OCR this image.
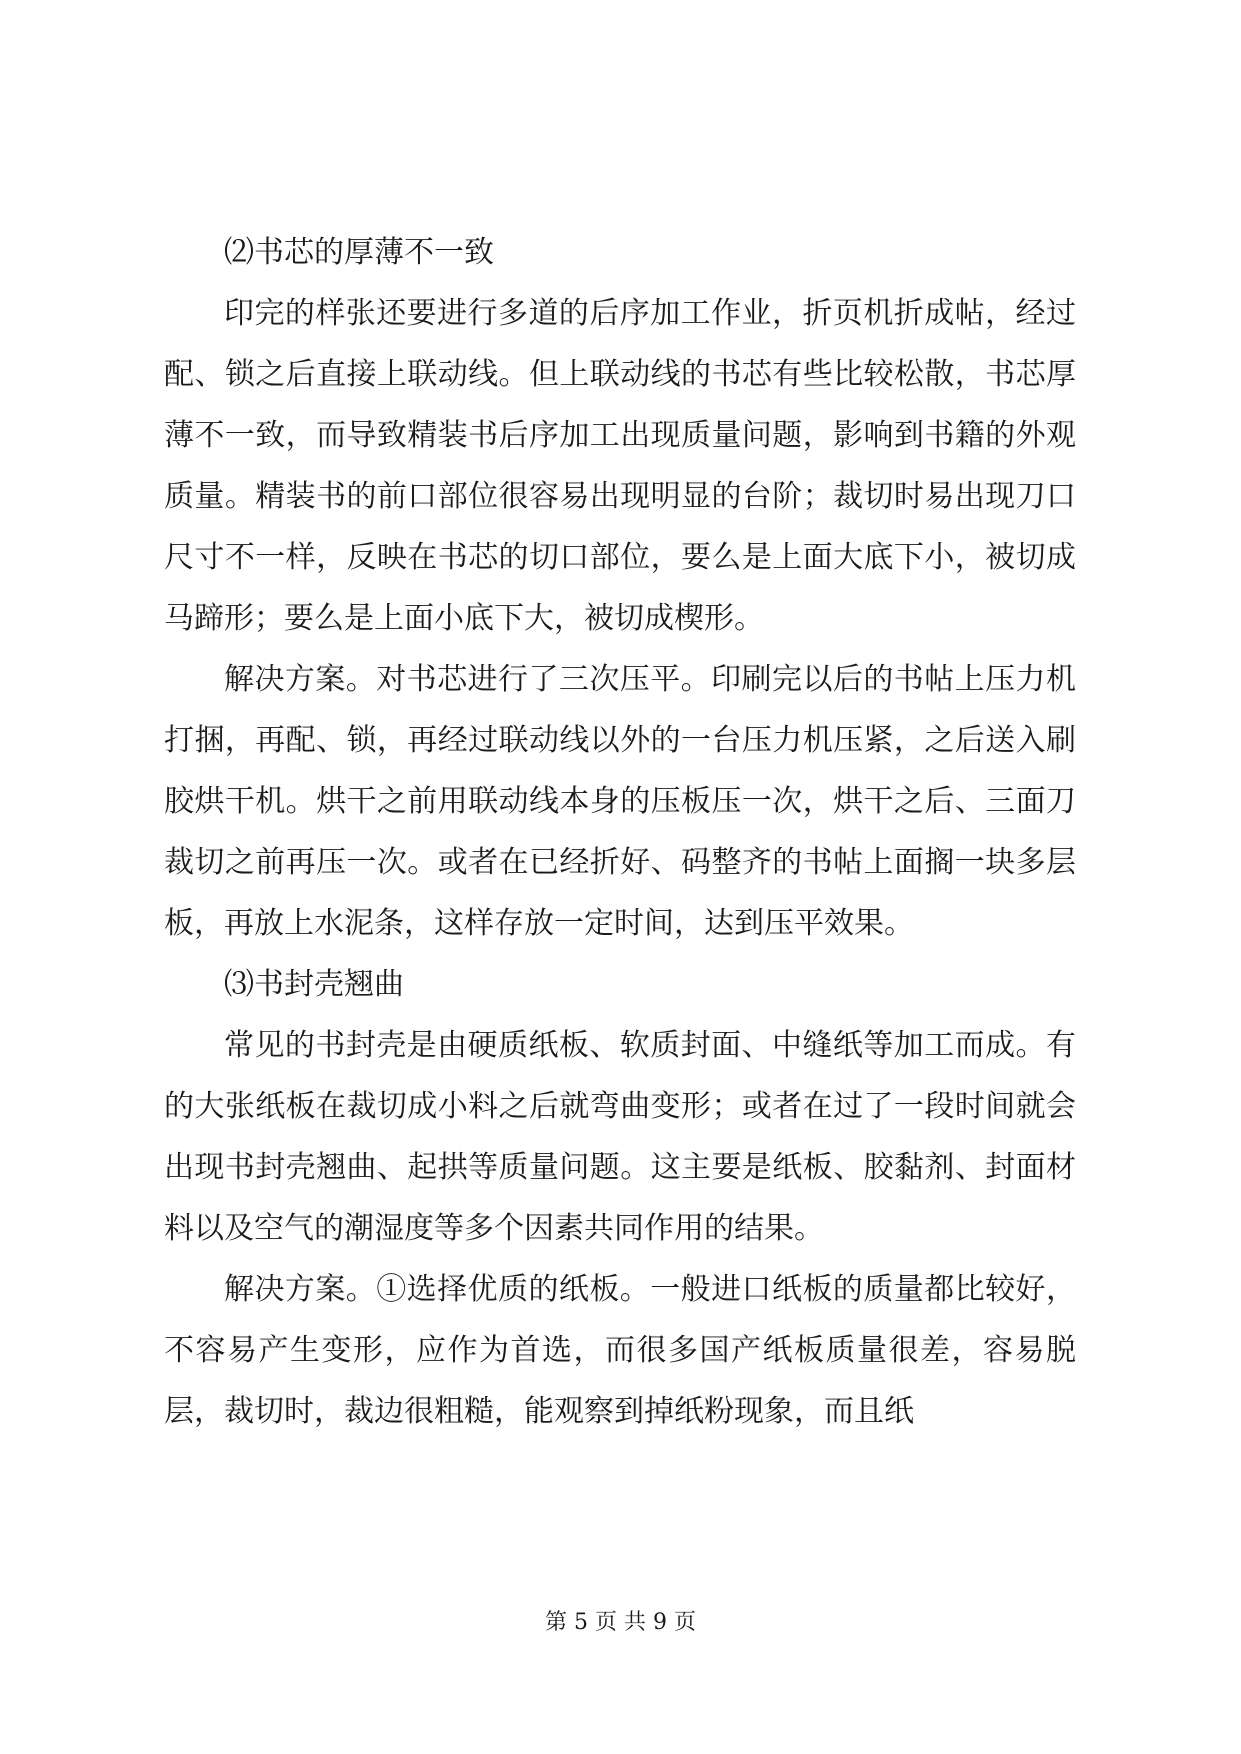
⑵书芯的厚薄不一致

印完的样张还要进行多道的后序加工作业，折页机折成帖，经过配、锁之后直接上联动线。但上联动线的书芯有些比较松散，书芯厚薄不一致，而导致精装书后序加工出现质量问题，影响到书籍的外观质量。精装书的前口部位很容易出现明显的台阶；裁切时易出现刀口尺寸不一样，反映在书芯的切口部位，要么是上面大底下小，被切成马蹄形；要么是上面小底下大，被切成楔形。

解决方案。对书芯进行了三次压平。印刷完以后的书帖上压力机打捆，再配、锁，再经过联动线以外的一台压力机压紧，之后送入刷胶烘干机。烘干之前用联动线本身的压板压一次，烘干之后、三面刀裁切之前再压一次。或者在已经折好、码整齐的书帖上面搁一块多层板，再放上水泥条，这样存放一定时间，达到压平效果。

⑶书封壳翘曲

常见的书封壳是由硬质纸板、软质封面、中缝纸等加工而成。有的大张纸板在裁切成小料之后就弯曲变形；或者在过了一段时间就会出现书封壳翘曲、起拱等质量问题。这主要是纸板、胶黏剂、封面材料以及空气的潮湿度等多个因素共同作用的结果。

解决方案。①选择优质的纸板。一般进口纸板的质量都比较好，不容易产生变形，应作为首选，而很多国产纸板质量很差，容易脱层，裁切时，裁边很粗糙，能观察到掉纸粉现象，而且纸

第 5 页 共 9 页
